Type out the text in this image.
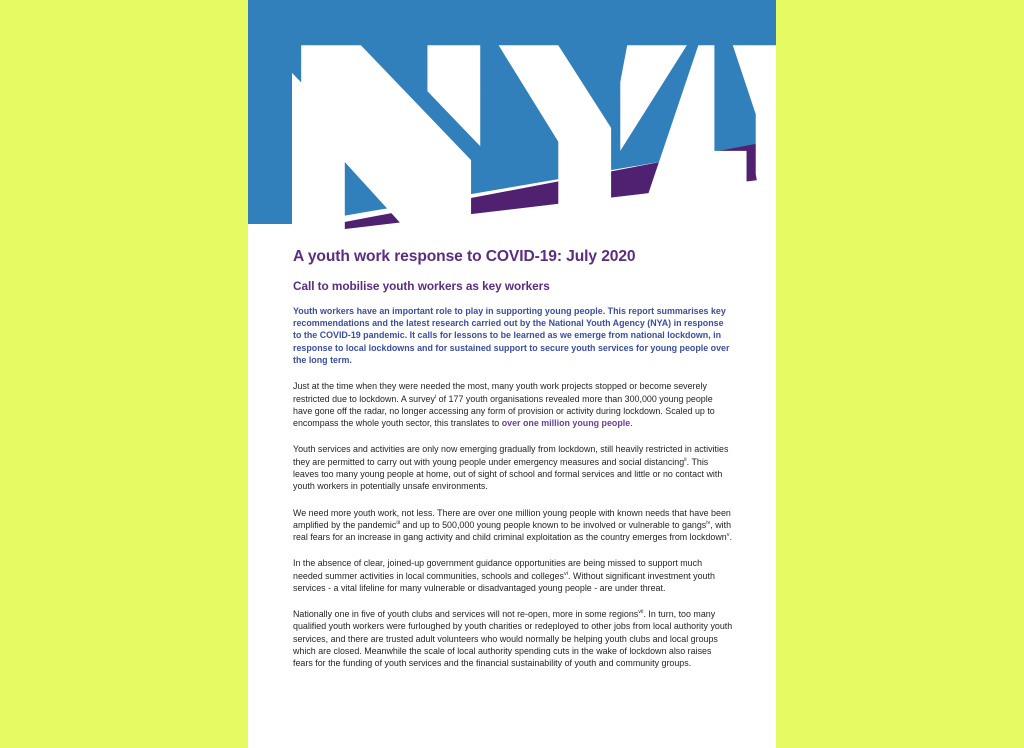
A youth work response to COVID-19: July 2020
Call to mobilise youth workers as key workers

Youth workers have an important role to play in supporting young people. This report summarises key recommendations and the latest research carried out by the National Youth Agency (NYA) in response to the COVID-19 pandemic. It calls for lessons to be learned as we emerge from national lockdown, in response to local lockdowns and for sustained support to secure youth services for young people over the long term.

Just at the time when they were needed the most, many youth work projects stopped or become severely restricted due to lockdown. A survey$^i$ of 177 youth organisations revealed more than 300,000 young people have gone off the radar, no longer accessing any form of provision or activity during lockdown. Scaled up to encompass the whole youth sector, this translates to over one million young people.

Youth services and activities are only now emerging gradually from lockdown, still heavily restricted in activities they are permitted to carry out with young people under emergency measures and social distancing$^{ii}$. This leaves too many young people at home, out of sight of school and formal services and little or no contact with youth workers in potentially unsafe environments.

We need more youth work, not less. There are over one million young people with known needs that have been amplified by the pandemic$^{iii}$ and up to 500,000 young people known to be involved or vulnerable to gangs$^{iv}$, with real fears for an increase in gang activity and child criminal exploitation as the country emerges from lockdown$^v$.

In the absence of clear, joined-up government guidance opportunities are being missed to support much needed summer activities in local communities, schools and colleges$^{vi}$. Without significant investment youth services - a vital lifeline for many vulnerable or disadvantaged young people - are under threat.

Nationally one in five of youth clubs and services will not re-open, more in some regions$^{vii}$. In turn, too many qualified youth workers were furloughed by youth charities or redeployed to other jobs from local authority youth services, and there are trusted adult volunteers who would normally be helping youth clubs and local groups which are closed. Meanwhile the scale of local authority spending cuts in the wake of lockdown also raises fears for the funding of youth services and the financial sustainability of youth and community groups.
